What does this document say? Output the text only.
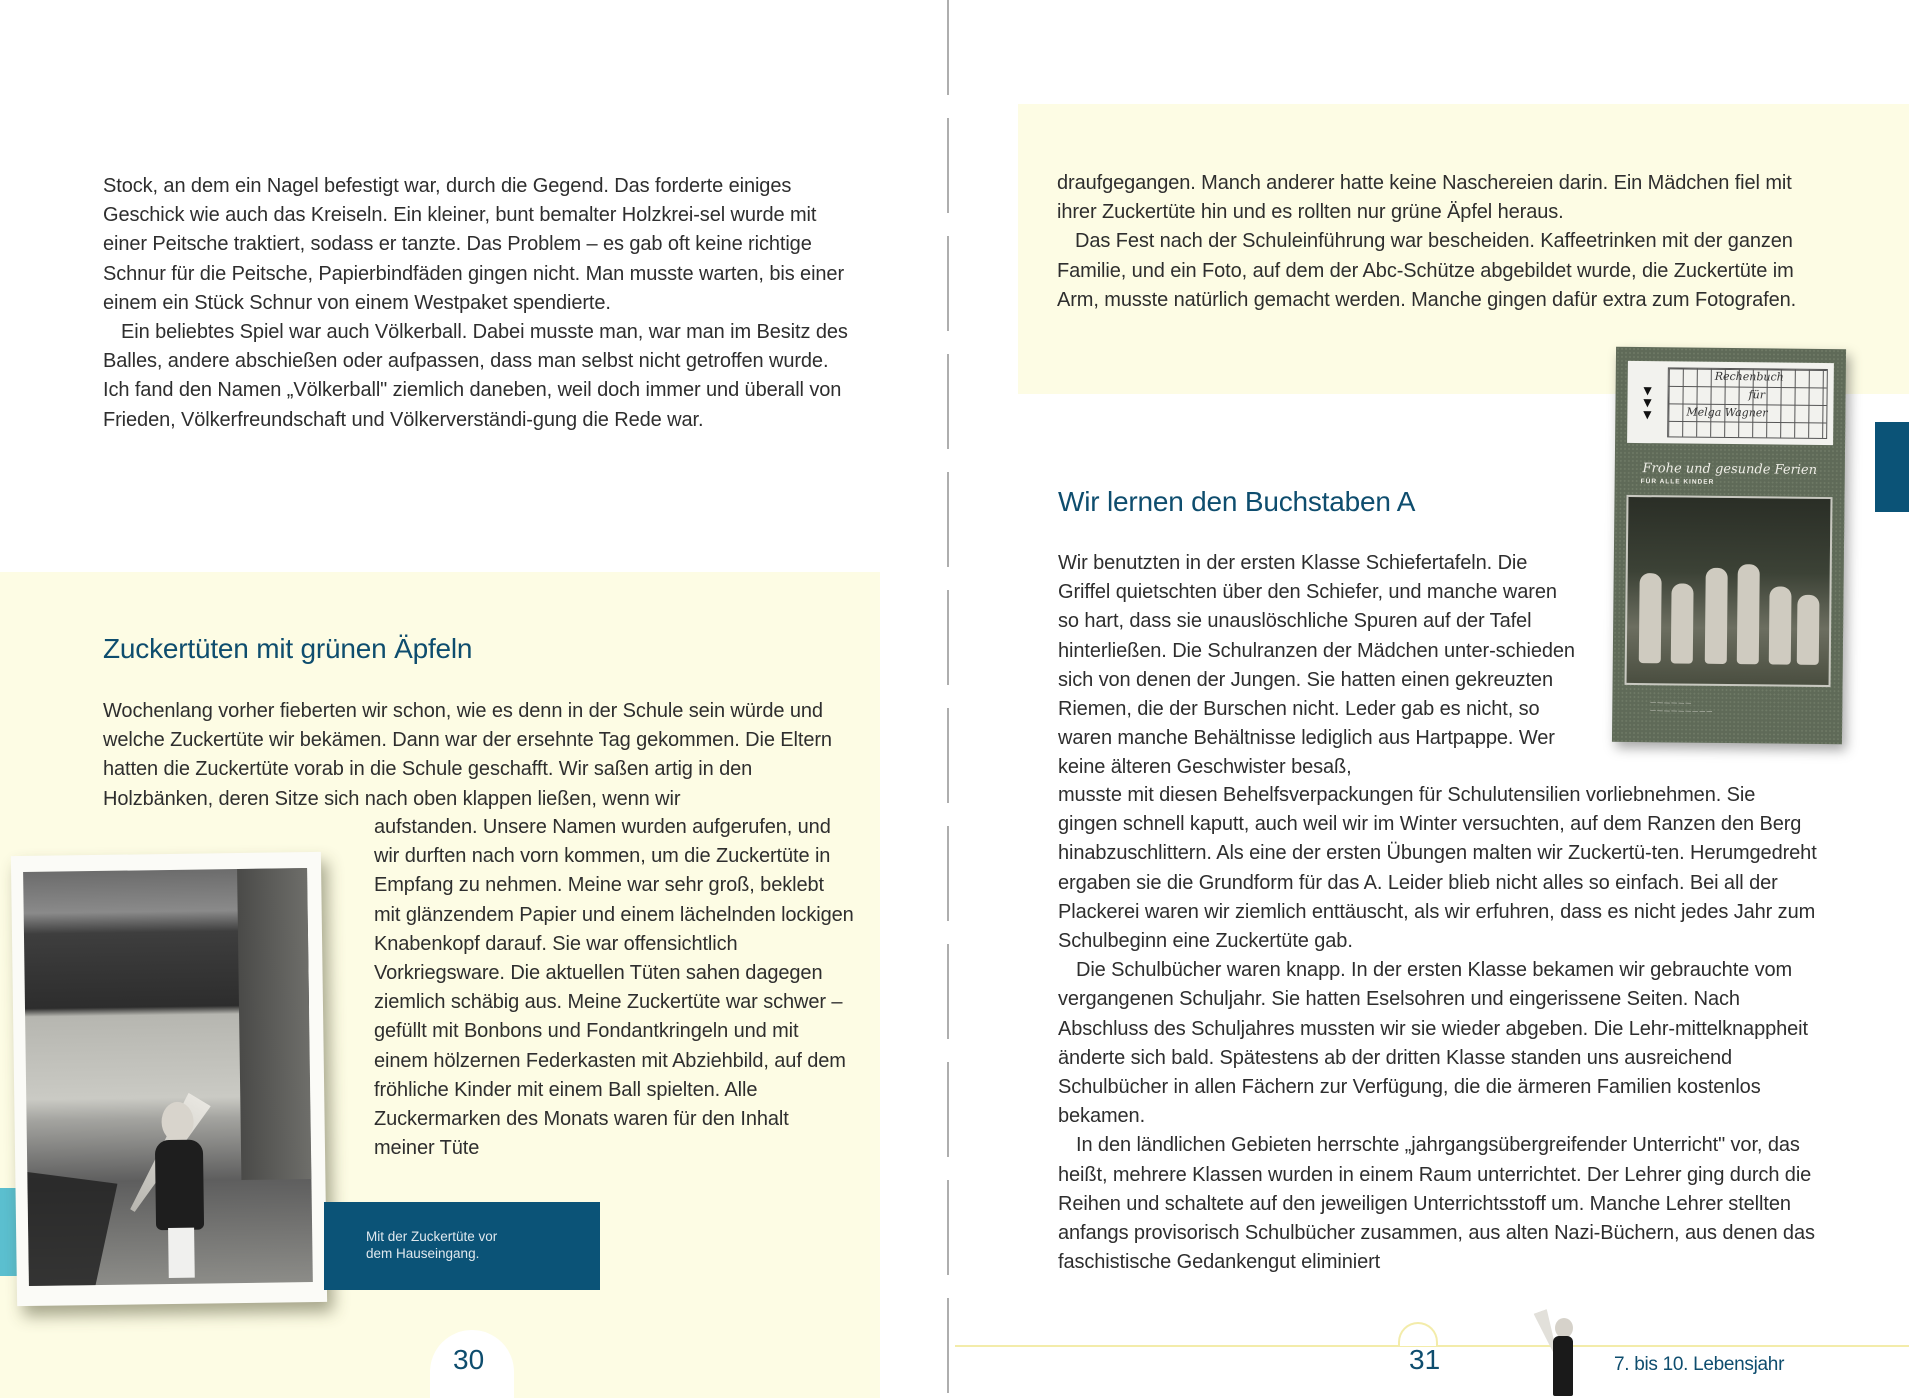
Stock, an dem ein Nagel befestigt war, durch die Gegend. Das forderte einiges Geschick wie auch das Kreiseln. Ein kleiner, bunt bemalter Holzkrei-sel wurde mit einer Peitsche traktiert, sodass er tanzte. Das Problem – es gab oft keine richtige Schnur für die Peitsche, Papierbindfäden gingen nicht. Man musste warten, bis einer einem ein Stück Schnur von einem Westpaket spendierte.

Ein beliebtes Spiel war auch Völkerball. Dabei musste man, war man im Besitz des Balles, andere abschießen oder aufpassen, dass man selbst nicht getroffen wurde. Ich fand den Namen „Völkerball" ziemlich daneben, weil doch immer und überall von Frieden, Völkerfreundschaft und Völkerverständi-gung die Rede war.

Zuckertüten mit grünen Äpfeln

Wochenlang vorher fieberten wir schon, wie es denn in der Schule sein würde und welche Zuckertüte wir bekämen. Dann war der ersehnte Tag gekommen. Die Eltern hatten die Zuckertüte vorab in die Schule geschafft. Wir saßen artig in den Holzbänken, deren Sitze sich nach oben klappen ließen, wenn wir

aufstanden. Unsere Namen wurden aufgerufen, und wir durften nach vorn kommen, um die Zuckertüte in Empfang zu nehmen. Meine war sehr groß, beklebt mit glänzendem Papier und einem lächelnden lockigen Knabenkopf darauf. Sie war offensichtlich Vorkriegsware. Die aktuellen Tüten sahen dagegen ziemlich schäbig aus. Meine Zuckertüte war schwer – gefüllt mit Bonbons und Fondantkringeln und mit einem hölzernen Federkasten mit Abziehbild, auf dem fröhliche Kinder mit einem Ball spielten. Alle Zuckermarken des Monats waren für den Inhalt meiner Tüte

Mit der Zuckertüte vor
dem Hauseingang.
30

draufgegangen. Manch anderer hatte keine Naschereien darin. Ein Mädchen fiel mit ihrer Zuckertüte hin und es rollten nur grüne Äpfel heraus.

Das Fest nach der Schuleinführung war bescheiden. Kaffeetrinken mit der ganzen Familie, und ein Foto, auf dem der Abc-Schütze abgebildet wurde, die Zuckertüte im Arm, musste natürlich gemacht werden. Manche gingen dafür extra zum Fotografen.

▼
▼
▼
Rechenbuch
für
Melga Wagner
Frohe und gesunde Ferien
FÜR ALLE KINDER
— — — — — —
— — — — — — — — —
Wir lernen den Buchstaben A

Wir benutzten in der ersten Klasse Schiefertafeln. Die Griffel quietschten über den Schiefer, und manche waren so hart, dass sie unauslöschliche Spuren auf der Tafel hinterließen. Die Schulranzen der Mädchen unter-schieden sich von denen der Jungen. Sie hatten einen gekreuzten Riemen, die der Burschen nicht. Leder gab es nicht, so waren manche Behältnisse lediglich aus Hartpappe. Wer keine älteren Geschwister besaß,

musste mit diesen Behelfsverpackungen für Schulutensilien vorliebnehmen. Sie gingen schnell kaputt, auch weil wir im Winter versuchten, auf dem Ranzen den Berg hinabzuschlittern. Als eine der ersten Übungen malten wir Zuckertü-ten. Herumgedreht ergaben sie die Grundform für das A. Leider blieb nicht alles so einfach. Bei all der Plackerei waren wir ziemlich enttäuscht, als wir erfuhren, dass es nicht jedes Jahr zum Schulbeginn eine Zuckertüte gab.

Die Schulbücher waren knapp. In der ersten Klasse bekamen wir gebrauchte vom vergangenen Schuljahr. Sie hatten Eselsohren und eingerissene Seiten. Nach Abschluss des Schuljahres mussten wir sie wieder abgeben. Die Lehr-mittelknappheit änderte sich bald. Spätestens ab der dritten Klasse standen uns ausreichend Schulbücher in allen Fächern zur Verfügung, die die ärmeren Familien kostenlos bekamen.

In den ländlichen Gebieten herrschte „jahrgangsübergreifender Unterricht" vor, das heißt, mehrere Klassen wurden in einem Raum unterrichtet. Der Lehrer ging durch die Reihen und schaltete auf den jeweiligen Unterrichtsstoff um. Manche Lehrer stellten anfangs provisorisch Schulbücher zusammen, aus alten Nazi-Büchern, aus denen das faschistische Gedankengut eliminiert

31	7. bis 10. Lebensjahr
